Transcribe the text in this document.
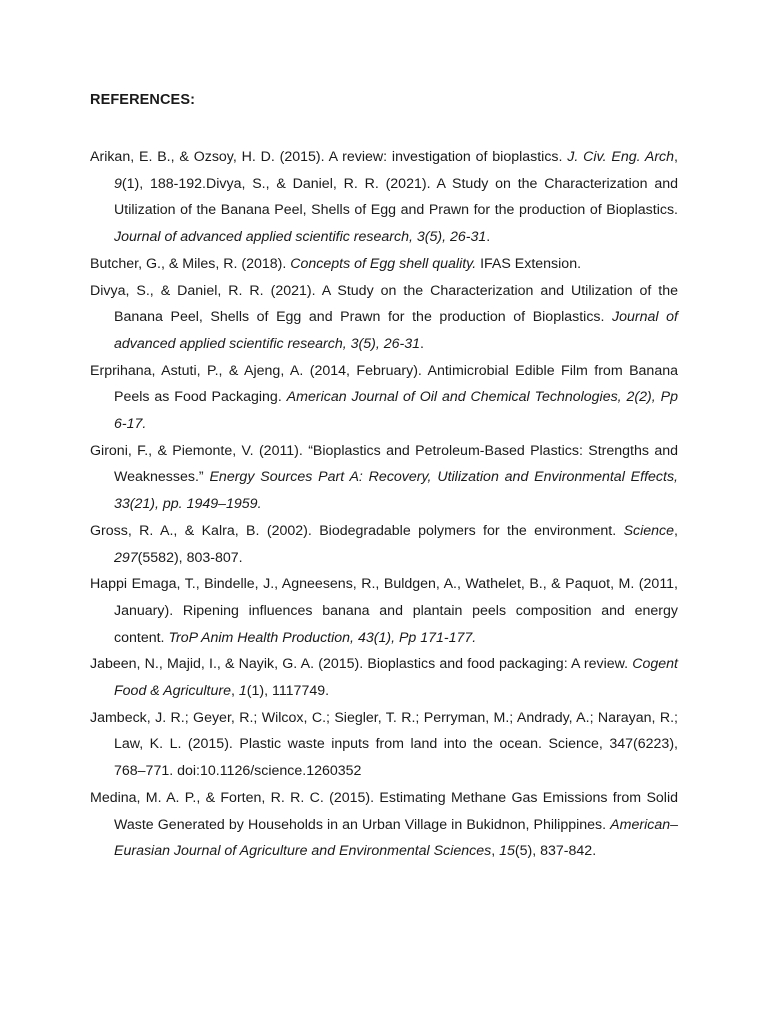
REFERENCES:
Arikan, E. B., & Ozsoy, H. D. (2015). A review: investigation of bioplastics. J. Civ. Eng. Arch, 9(1), 188-192.Divya, S., & Daniel, R. R. (2021). A Study on the Characterization and Utilization of the Banana Peel, Shells of Egg and Prawn for the production of Bioplastics. Journal of advanced applied scientific research, 3(5), 26-31.
Butcher, G., & Miles, R. (2018). Concepts of Egg shell quality. IFAS Extension.
Divya, S., & Daniel, R. R. (2021). A Study on the Characterization and Utilization of the Banana Peel, Shells of Egg and Prawn for the production of Bioplastics. Journal of advanced applied scientific research, 3(5), 26-31.
Erprihana, Astuti, P., & Ajeng, A. (2014, February). Antimicrobial Edible Film from Banana Peels as Food Packaging. American Journal of Oil and Chemical Technologies, 2(2), Pp 6-17.
Gironi, F., & Piemonte, V. (2011). “Bioplastics and Petroleum-Based Plastics: Strengths and Weaknesses.” Energy Sources Part A: Recovery, Utilization and Environmental Effects, 33(21), pp. 1949–1959.
Gross, R. A., & Kalra, B. (2002). Biodegradable polymers for the environment. Science, 297(5582), 803-807.
Happi Emaga, T., Bindelle, J., Agneesens, R., Buldgen, A., Wathelet, B., & Paquot, M. (2011, January). Ripening influences banana and plantain peels composition and energy content. TroP Anim Health Production, 43(1), Pp 171-177.
Jabeen, N., Majid, I., & Nayik, G. A. (2015). Bioplastics and food packaging: A review. Cogent Food & Agriculture, 1(1), 1117749.
Jambeck, J. R.; Geyer, R.; Wilcox, C.; Siegler, T. R.; Perryman, M.; Andrady, A.; Narayan, R.; Law, K. L. (2015). Plastic waste inputs from land into the ocean. Science, 347(6223), 768–771. doi:10.1126/science.1260352
Medina, M. A. P., & Forten, R. R. C. (2015). Estimating Methane Gas Emissions from Solid Waste Generated by Households in an Urban Village in Bukidnon, Philippines. American–Eurasian Journal of Agriculture and Environmental Sciences, 15(5), 837-842.
